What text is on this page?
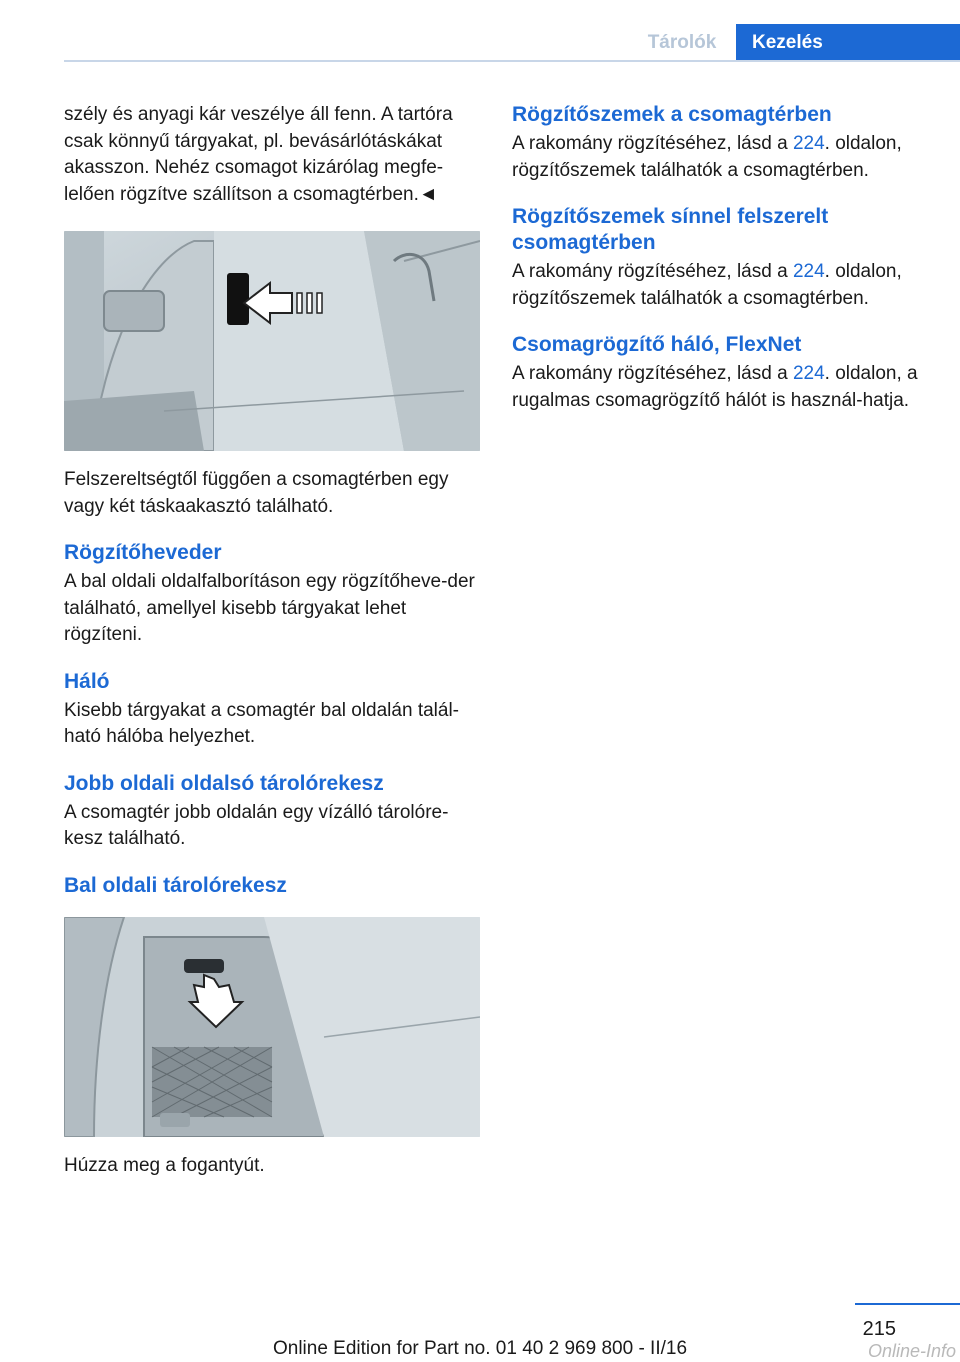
Tárolók	Kezelés

szély és anyagi kár veszélye áll fenn. A tartóra csak könnyű tárgyakat, pl. bevásárlótáskákat akasszon. Nehéz csomagot kizárólag megfe‐lelően rögzítve szállítson a csomagtérben.◄

Felszereltségtől függően a csomagtérben egy vagy két táskaakasztó található.

Rögzítőheveder

A bal oldali oldalfalborításon egy rögzítőheve‐der található, amellyel kisebb tárgyakat lehet rögzíteni.

Háló

Kisebb tárgyakat a csomagtér bal oldalán talál‐ható hálóba helyezhet.

Jobb oldali oldalsó tárolórekesz

A csomagtér jobb oldalán egy vízálló tárolóre‐kesz található.

Bal oldali tárolórekesz

Húzza meg a fogantyút.

Rögzítőszemek a csomagtérben

A rakomány rögzítéséhez, lásd a 224. oldalon, rögzítőszemek találhatók a csomagtérben.

Rögzítőszemek sínnel felszerelt csomagtérben

A rakomány rögzítéséhez, lásd a 224. oldalon, rögzítőszemek találhatók a csomagtérben.

Csomagrögzítő háló, FlexNet

A rakomány rögzítéséhez, lásd a 224. oldalon, a rugalmas csomagrögzítő hálót is használ‐hatja.

215
Online Edition for Part no. 01 40 2 969 800 - II/16	Online-Info
